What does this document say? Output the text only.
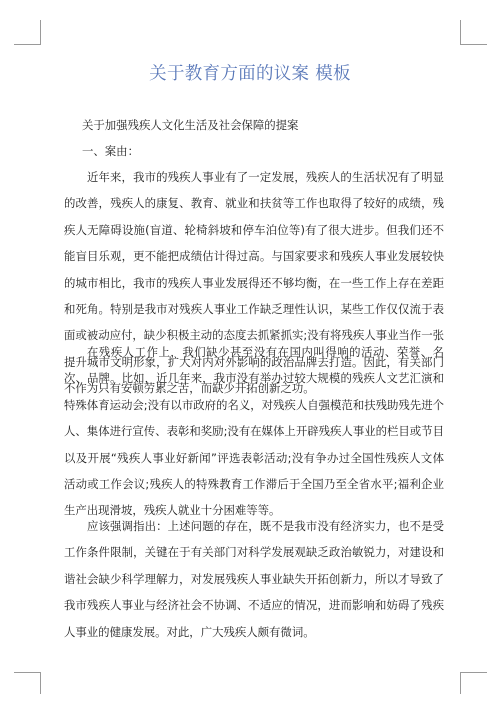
关于教育方面的议案 模板
关于加强残疾人文化生活及社会保障的提案
一、案由：
近年来，我市的残疾人事业有了一定发展，残疾人的生活状况有了明显的改善，残疾人的康复、教育、就业和扶贫等工作也取得了较好的成绩，残疾人无障碍设施(盲道、轮椅斜坡和停车泊位等)有了很大进步。但我们还不能盲目乐观，更不能把成绩估计得过高。与国家要求和残疾人事业发展较快的城市相比，我市的残疾人事业发展得还不够均衡，在一些工作上存在差距和死角。特别是我市对残疾人事业工作缺乏理性认识，某些工作仅仅流于表面或被动应付，缺少积极主动的态度去抓紧抓实;没有将残疾人事业当作一张提升城市文明形象，扩大对内对外影响的政治品牌去打造。因此，有关部门不作为只有安顿劳累之苦，而缺少开拓创新之功。
在残疾人工作上，我们缺少甚至没有在国内叫得响的活动、荣誉、名次、品牌。比如，近几年来，我市没有举办过较大规模的残疾人文艺汇演和特殊体育运动会;没有以市政府的名义，对残疾人自强模范和扶残助残先进个人、集体进行宣传、表彰和奖励;没有在媒体上开辟残疾人事业的栏目或节目以及开展“残疾人事业好新闻”评选表彰活动;没有争办过全国性残疾人文体活动或工作会议;残疾人的特殊教育工作滞后于全国乃至全省水平;福利企业生产出现滑坡，残疾人就业十分困难等等。
应该强调指出：上述问题的存在，既不是我市没有经济实力，也不是受工作条件限制，关键在于有关部门对科学发展观缺乏政治敏锐力，对建设和谐社会缺少科学理解力，对发展残疾人事业缺失开拓创新力，所以才导致了我市残疾人事业与经济社会不协调、不适应的情况，进而影响和妨碍了残疾人事业的健康发展。对此，广大残疾人颇有微词。
